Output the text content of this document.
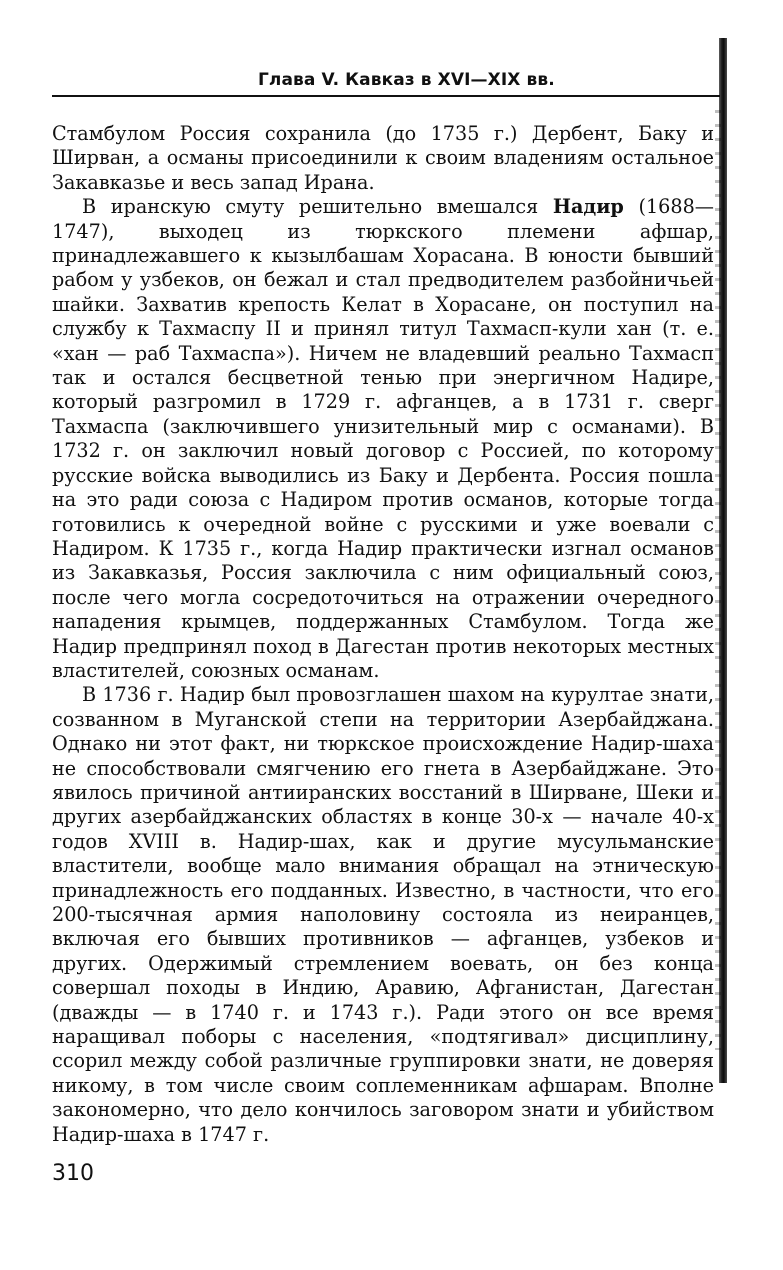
Глава V. Кавказ в XVI—XIX вв.

Стамбулом Россия сохранила (до 1735 г.) Дербент, Баку и Ширван, а османы присоединили к своим владениям остальное Закавказье и весь запад Ирана.

В иранскую смуту решительно вмешался Надир (1688—1747), выходец из тюркского племени афшар, принадлежавшего к кызылбашам Хорасана. В юности бывший рабом у узбеков, он бежал и стал предводителем разбойничьей шайки. Захватив крепость Келат в Хорасане, он поступил на службу к Тахмаспу II и принял титул Тахмасп-кули хан (т. е. «хан — раб Тахмаспа»). Ничем не владевший реально Тахмасп так и остался бесцветной тенью при энергичном Надире, который разгромил в 1729 г. афганцев, а в 1731 г. сверг Тахмаспа (заключившего унизительный мир с османами). В 1732 г. он заключил новый договор с Россией, по которому русские войска выводились из Баку и Дербента. Россия пошла на это ради союза с Надиром против османов, которые тогда готовились к очередной войне с русскими и уже воевали с Надиром. К 1735 г., когда Надир практически изгнал османов из Закавказья, Россия заключила с ним официальный союз, после чего могла сосредоточиться на отражении очередного нападения крымцев, поддержанных Стамбулом. Тогда же Надир предпринял поход в Дагестан против некоторых местных властителей, союзных османам.

В 1736 г. Надир был провозглашен шахом на курултае знати, созванном в Муганской степи на территории Азербайджана. Однако ни этот факт, ни тюркское происхождение Надир-шаха не способствовали смягчению его гнета в Азербайджане. Это явилось причиной антииранских восстаний в Ширване, Шеки и других азербайджанских областях в конце 30-х — начале 40-х годов XVIII в. Надир-шах, как и другие мусульманские властители, вообще мало внимания обращал на этническую принадлежность его подданных. Известно, в частности, что его 200-тысячная армия наполовину состояла из неиранцев, включая его бывших противников — афганцев, узбеков и других. Одержимый стремлением воевать, он без конца совершал походы в Индию, Аравию, Афганистан, Дагестан (дважды — в 1740 г. и 1743 г.). Ради этого он все время наращивал поборы с населения, «подтягивал» дисциплину, ссорил между собой различные группировки знати, не доверяя никому, в том числе своим соплеменникам афшарам. Вполне закономерно, что дело кончилось заговором знати и убийством Надир-шаха в 1747 г.

310
